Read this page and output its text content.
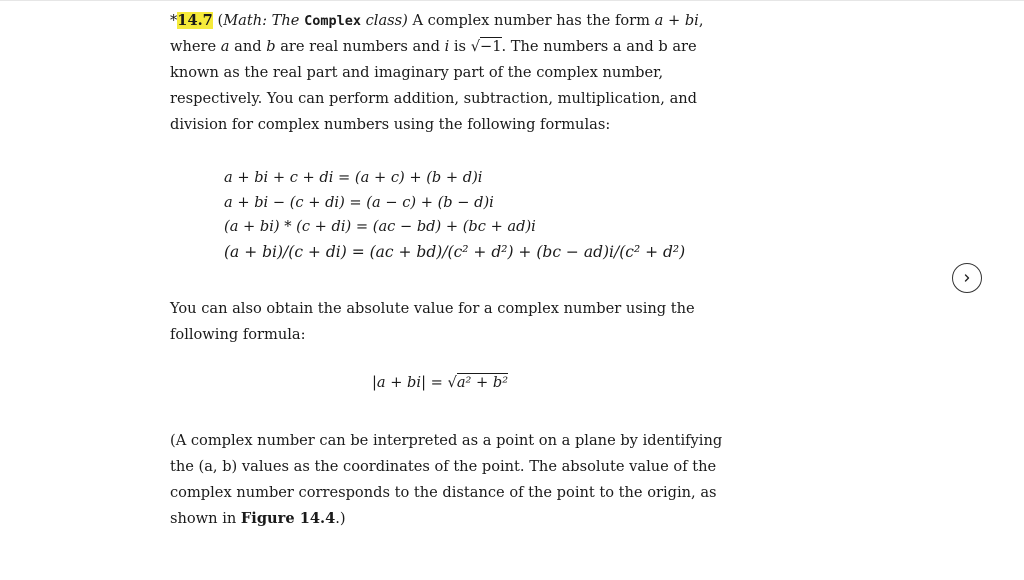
*14.7 (Math: The Complex class) A complex number has the form a + bi, where a and b are real numbers and i is √−1. The numbers a and b are known as the real part and imaginary part of the complex number, respectively. You can perform addition, subtraction, multiplication, and division for complex numbers using the following formulas:

a + bi + c + di = (a + c) + (b + d)i
a + bi − (c + di) = (a − c) + (b − d)i
(a + bi) * (c + di) = (ac − bd) + (bc + ad)i
(a + bi)/(c + di) = (ac + bd)/(c² + d²) + (bc − ad)i/(c² + d²)

You can also obtain the absolute value for a complex number using the following formula:

|a + bi| = √a² + b²

(A complex number can be interpreted as a point on a plane by identifying the (a, b) values as the coordinates of the point. The absolute value of the complex number corresponds to the distance of the point to the origin, as shown in Figure 14.4.)
